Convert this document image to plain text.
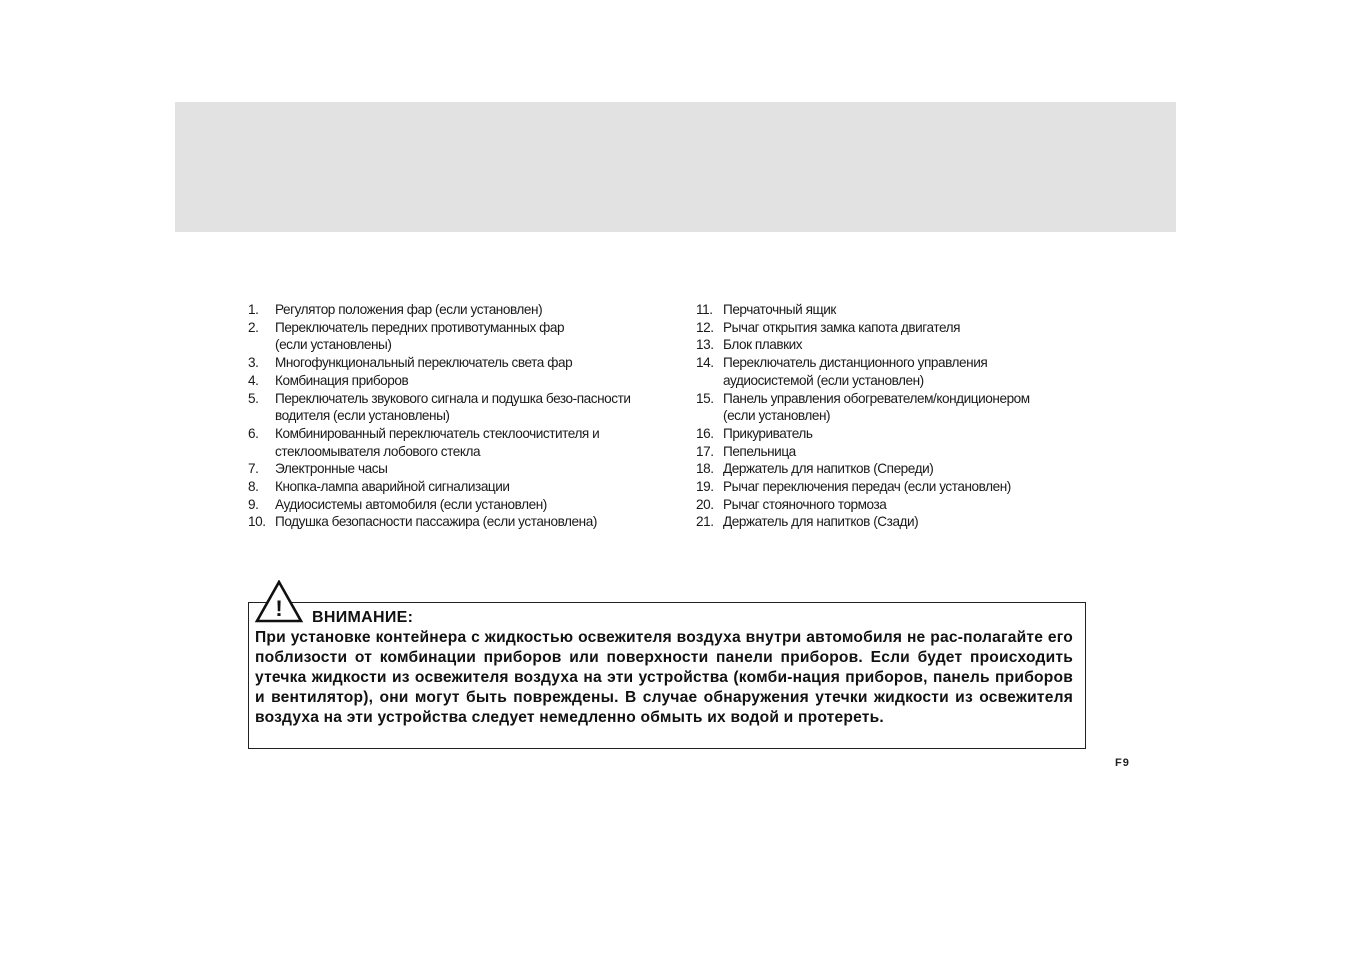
1. Регулятор положения фар (если установлен)
2. Переключатель передних противотуманных фар
(если установлены)
3. Многофункциональный переключатель света фар
4. Комбинация приборов
5. Переключатель звукового сигнала и подушка безо-пасности
водителя (если установлены)
6. Комбинированный переключатель стеклоочистителя и
стеклоомывателя лобового стекла
7. Электронные часы
8. Кнопка-лампа аварийной сигнализации
9. Аудиосистемы автомобиля (если установлен)
10. Подушка безопасности пассажира (если установлена)
11. Перчаточный ящик
12. Рычаг открытия замка капота двигателя
13. Блок плавких
14. Переключатель дистанционного управления
аудиосистемой (если установлен)
15. Панель управления обогревателем/кондиционером
(если установлен)
16. Прикуриватель
17. Пепельница
18. Держатель для напитков (Спереди)
19. Рычаг переключения передач (если установлен)
20. Рычаг стояночного тормоза
21. Держатель для напитков (Сзади)
! ВНИМАНИЕ:

При установке контейнера с жидкостью освежителя воздуха внутри автомобиля не рас-полагайте его поблизости от комбинации приборов или поверхности панели приборов. Если будет происходить утечка жидкости из освежителя воздуха на эти устройства (комби-нация приборов, панель приборов и вентилятор), они могут быть повреждены. В случае обнаружения утечки жидкости из освежителя воздуха на эти устройства следует немедленно обмыть их водой и протереть.

F9
